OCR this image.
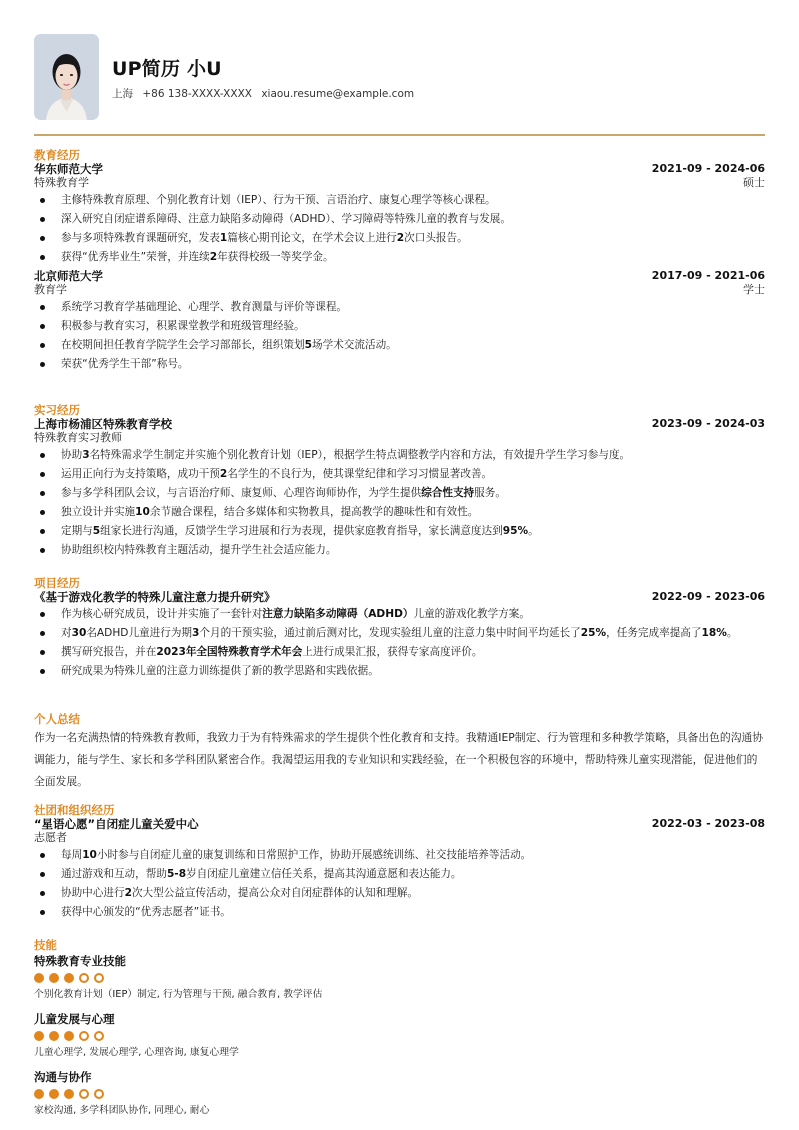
UP简历 小U
上海 +86 138-XXXX-XXXX xiaou.resume@example.com
教育经历
华东师范大学	2021-09 - 2024-06
特殊教育学	硕士
主修特殊教育原理、个别化教育计划（IEP）、行为干预、言语治疗、康复心理学等核心课程。
深入研究自闭症谱系障碍、注意力缺陷多动障碍（ADHD）、学习障碍等特殊儿童的教育与发展。
参与多项特殊教育课题研究，发表1篇核心期刊论文，在学术会议上进行2次口头报告。
获得“优秀毕业生”荣誉，并连续2年获得校级一等奖学金。
北京师范大学	2017-09 - 2021-06
教育学	学士
系统学习教育学基础理论、心理学、教育测量与评价等课程。
积极参与教育实习，积累课堂教学和班级管理经验。
在校期间担任教育学院学生会学习部部长，组织策划5场学术交流活动。
荣获“优秀学生干部”称号。
实习经历
上海市杨浦区特殊教育学校	2023-09 - 2024-03
特殊教育实习教师
协助3名特殊需求学生制定并实施个别化教育计划（IEP），根据学生特点调整教学内容和方法，有效提升学生学习参与度。
运用正向行为支持策略，成功干预2名学生的不良行为，使其课堂纪律和学习习惯显著改善。
参与多学科团队会议，与言语治疗师、康复师、心理咨询师协作，为学生提供综合性支持服务。
独立设计并实施10余节融合课程，结合多媒体和实物教具，提高教学的趣味性和有效性。
定期与5组家长进行沟通，反馈学生学习进展和行为表现，提供家庭教育指导，家长满意度达到95%。
协助组织校内特殊教育主题活动，提升学生社会适应能力。
项目经历
《基于游戏化教学的特殊儿童注意力提升研究》	2022-09 - 2023-06
作为核心研究成员，设计并实施了一套针对注意力缺陷多动障碍（ADHD）儿童的游戏化教学方案。
对30名ADHD儿童进行为期3个月的干预实验，通过前后测对比，发现实验组儿童的注意力集中时间平均延长了25%，任务完成率提高了18%。
撰写研究报告，并在2023年全国特殊教育学术年会上进行成果汇报，获得专家高度评价。
研究成果为特殊儿童的注意力训练提供了新的教学思路和实践依据。
个人总结
作为一名充满热情的特殊教育教师，我致力于为有特殊需求的学生提供个性化教育和支持。我精通IEP制定、行为管理和多种教学策略，具备出色的沟通协调能力，能与学生、家长和多学科团队紧密合作。我渴望运用我的专业知识和实践经验，在一个积极包容的环境中，帮助特殊儿童实现潜能，促进他们的全面发展。
社团和组织经历
“星语心愿”自闭症儿童关爱中心	2022-03 - 2023-08
志愿者
每周10小时参与自闭症儿童的康复训练和日常照护工作，协助开展感统训练、社交技能培养等活动。
通过游戏和互动，帮助5-8岁自闭症儿童建立信任关系，提高其沟通意愿和表达能力。
协助中心进行2次大型公益宣传活动，提高公众对自闭症群体的认知和理解。
获得中心颁发的“优秀志愿者”证书。
技能
特殊教育专业技能
个别化教育计划（IEP）制定, 行为管理与干预, 融合教育, 教学评估
儿童发展与心理
儿童心理学, 发展心理学, 心理咨询, 康复心理学
沟通与协作
家校沟通, 多学科团队协作, 同理心, 耐心
